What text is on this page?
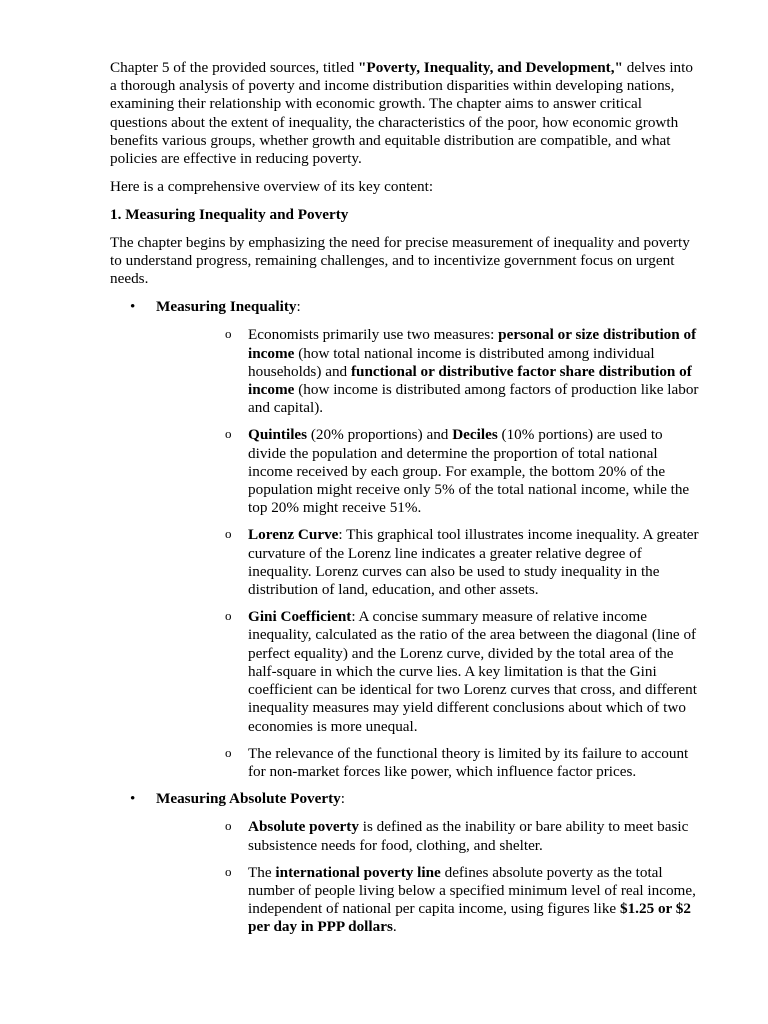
Chapter 5 of the provided sources, titled "Poverty, Inequality, and Development," delves into a thorough analysis of poverty and income distribution disparities within developing nations, examining their relationship with economic growth. The chapter aims to answer critical questions about the extent of inequality, the characteristics of the poor, how economic growth benefits various groups, whether growth and equitable distribution are compatible, and what policies are effective in reducing poverty.

Here is a comprehensive overview of its key content:

1. Measuring Inequality and Poverty

The chapter begins by emphasizing the need for precise measurement of inequality and poverty to understand progress, remaining challenges, and to incentivize government focus on urgent needs.

• Measuring Inequality:
o Economists primarily use two measures: personal or size distribution of income (how total national income is distributed among individual households) and functional or distributive factor share distribution of income (how income is distributed among factors of production like labor and capital).
o Quintiles (20% proportions) and Deciles (10% portions) are used to divide the population and determine the proportion of total national income received by each group. For example, the bottom 20% of the population might receive only 5% of the total national income, while the top 20% might receive 51%.
o Lorenz Curve: This graphical tool illustrates income inequality. A greater curvature of the Lorenz line indicates a greater relative degree of inequality. Lorenz curves can also be used to study inequality in the distribution of land, education, and other assets.
o Gini Coefficient: A concise summary measure of relative income inequality, calculated as the ratio of the area between the diagonal (line of perfect equality) and the Lorenz curve, divided by the total area of the half-square in which the curve lies. A key limitation is that the Gini coefficient can be identical for two Lorenz curves that cross, and different inequality measures may yield different conclusions about which of two economies is more unequal.
o The relevance of the functional theory is limited by its failure to account for non-market forces like power, which influence factor prices.
• Measuring Absolute Poverty:
o Absolute poverty is defined as the inability or bare ability to meet basic subsistence needs for food, clothing, and shelter.
o The international poverty line defines absolute poverty as the total number of people living below a specified minimum level of real income, independent of national per capita income, using figures like $1.25 or $2 per day in PPP dollars.
